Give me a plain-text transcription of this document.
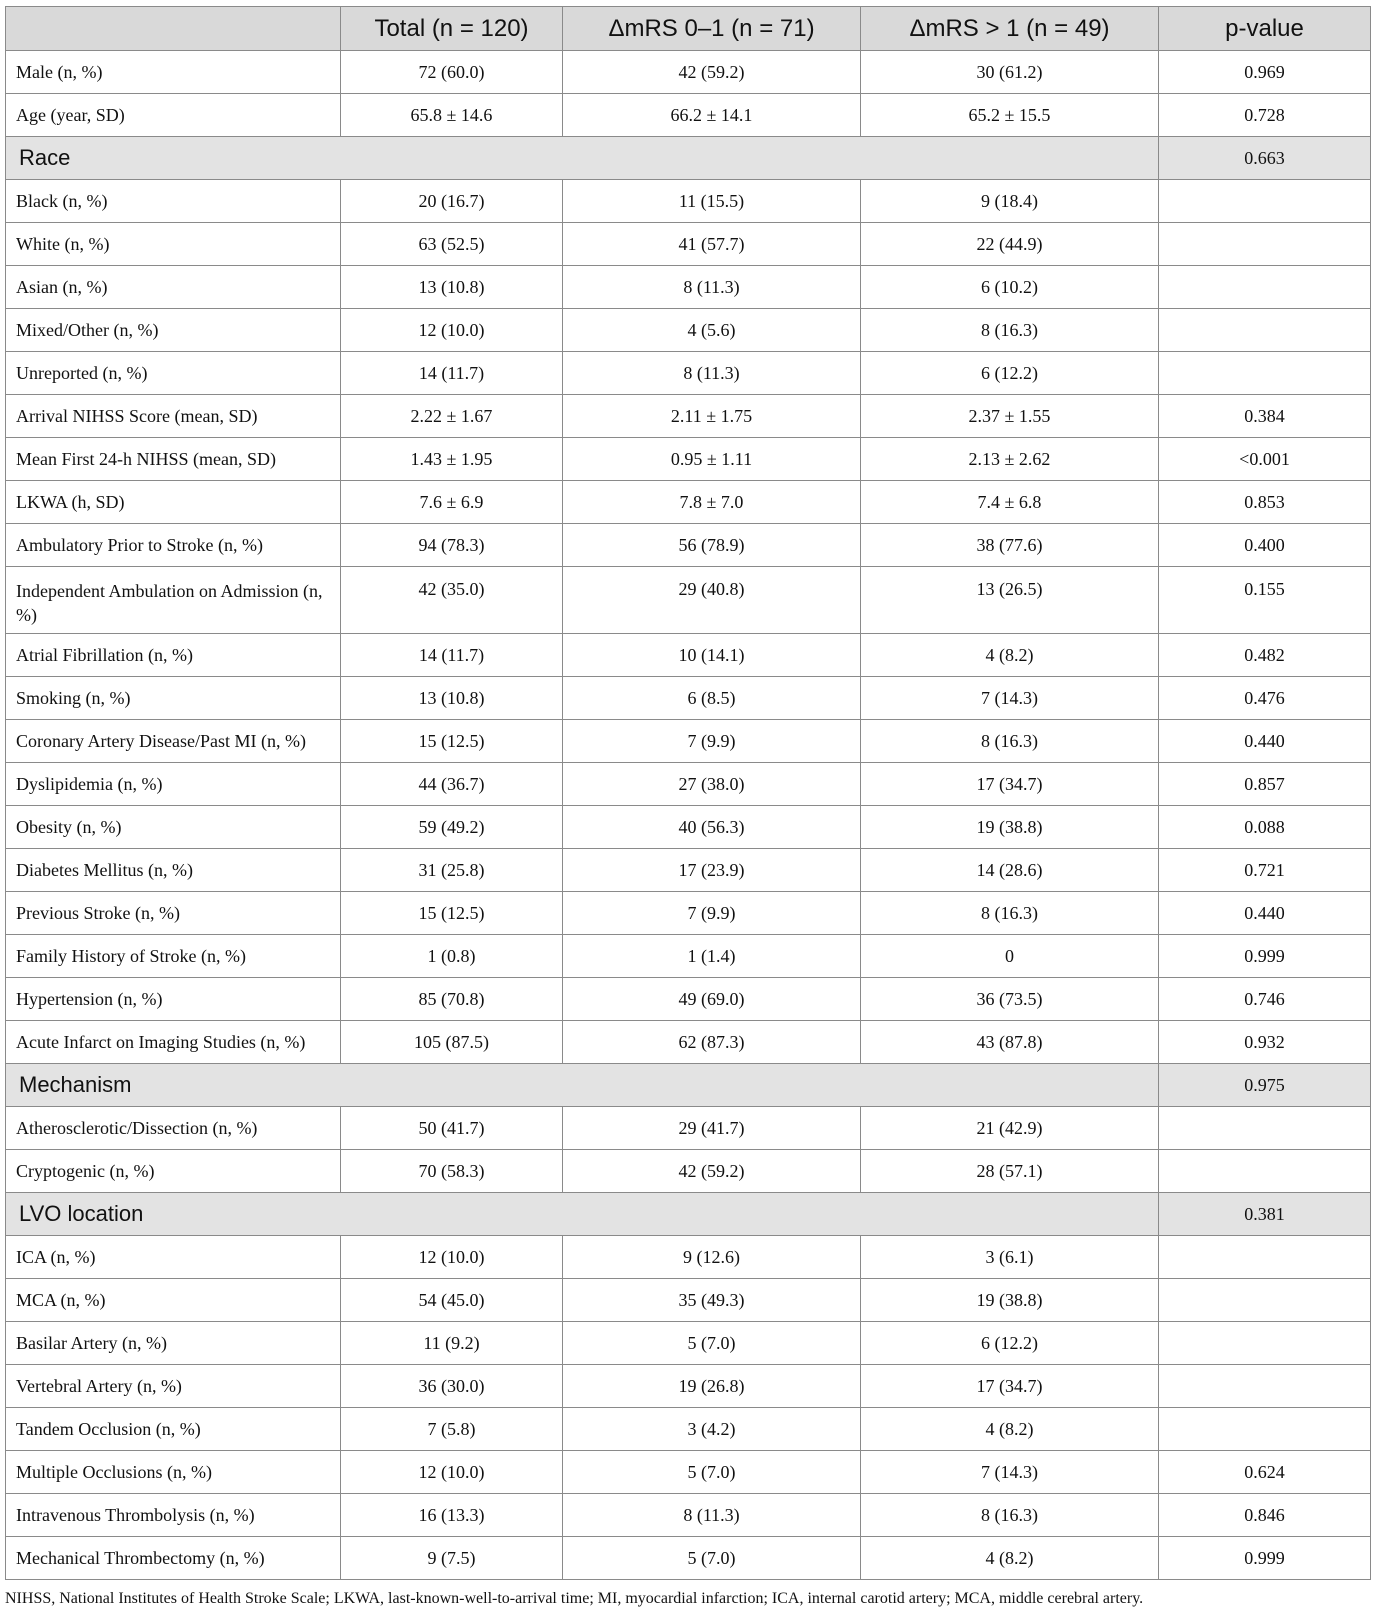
	Total (n = 120)	ΔmRS 0–1 (n = 71)	ΔmRS > 1 (n = 49)	p-value
Male (n, %)	72 (60.0)	42 (59.2)	30 (61.2)	0.969
Age (year, SD)	65.8 ± 14.6	66.2 ± 14.1	65.2 ± 15.5	0.728
Race				0.663
Black (n, %)	20 (16.7)	11 (15.5)	9 (18.4)	
White (n, %)	63 (52.5)	41 (57.7)	22 (44.9)	
Asian (n, %)	13 (10.8)	8 (11.3)	6 (10.2)	
Mixed/Other (n, %)	12 (10.0)	4 (5.6)	8 (16.3)	
Unreported (n, %)	14 (11.7)	8 (11.3)	6 (12.2)	
Arrival NIHSS Score (mean, SD)	2.22 ± 1.67	2.11 ± 1.75	2.37 ± 1.55	0.384
Mean First 24-h NIHSS (mean, SD)	1.43 ± 1.95	0.95 ± 1.11	2.13 ± 2.62	<0.001
LKWA (h, SD)	7.6 ± 6.9	7.8 ± 7.0	7.4 ± 6.8	0.853
Ambulatory Prior to Stroke (n, %)	94 (78.3)	56 (78.9)	38 (77.6)	0.400
Independent Ambulation on Admission (n, %)	42 (35.0)	29 (40.8)	13 (26.5)	0.155
Atrial Fibrillation (n, %)	14 (11.7)	10 (14.1)	4 (8.2)	0.482
Smoking (n, %)	13 (10.8)	6 (8.5)	7 (14.3)	0.476
Coronary Artery Disease/Past MI (n, %)	15 (12.5)	7 (9.9)	8 (16.3)	0.440
Dyslipidemia (n, %)	44 (36.7)	27 (38.0)	17 (34.7)	0.857
Obesity (n, %)	59 (49.2)	40 (56.3)	19 (38.8)	0.088
Diabetes Mellitus (n, %)	31 (25.8)	17 (23.9)	14 (28.6)	0.721
Previous Stroke (n, %)	15 (12.5)	7 (9.9)	8 (16.3)	0.440
Family History of Stroke (n, %)	1 (0.8)	1 (1.4)	0	0.999
Hypertension (n, %)	85 (70.8)	49 (69.0)	36 (73.5)	0.746
Acute Infarct on Imaging Studies (n, %)	105 (87.5)	62 (87.3)	43 (87.8)	0.932
Mechanism				0.975
Atherosclerotic/Dissection (n, %)	50 (41.7)	29 (41.7)	21 (42.9)	
Cryptogenic (n, %)	70 (58.3)	42 (59.2)	28 (57.1)	
LVO location				0.381
ICA (n, %)	12 (10.0)	9 (12.6)	3 (6.1)	
MCA (n, %)	54 (45.0)	35 (49.3)	19 (38.8)	
Basilar Artery (n, %)	11 (9.2)	5 (7.0)	6 (12.2)	
Vertebral Artery (n, %)	36 (30.0)	19 (26.8)	17 (34.7)	
Tandem Occlusion (n, %)	7 (5.8)	3 (4.2)	4 (8.2)	
Multiple Occlusions (n, %)	12 (10.0)	5 (7.0)	7 (14.3)	0.624
Intravenous Thrombolysis (n, %)	16 (13.3)	8 (11.3)	8 (16.3)	0.846
Mechanical Thrombectomy (n, %)	9 (7.5)	5 (7.0)	4 (8.2)	0.999
NIHSS, National Institutes of Health Stroke Scale; LKWA, last-known-well-to-arrival time; MI, myocardial infarction; ICA, internal carotid artery; MCA, middle cerebral artery.
